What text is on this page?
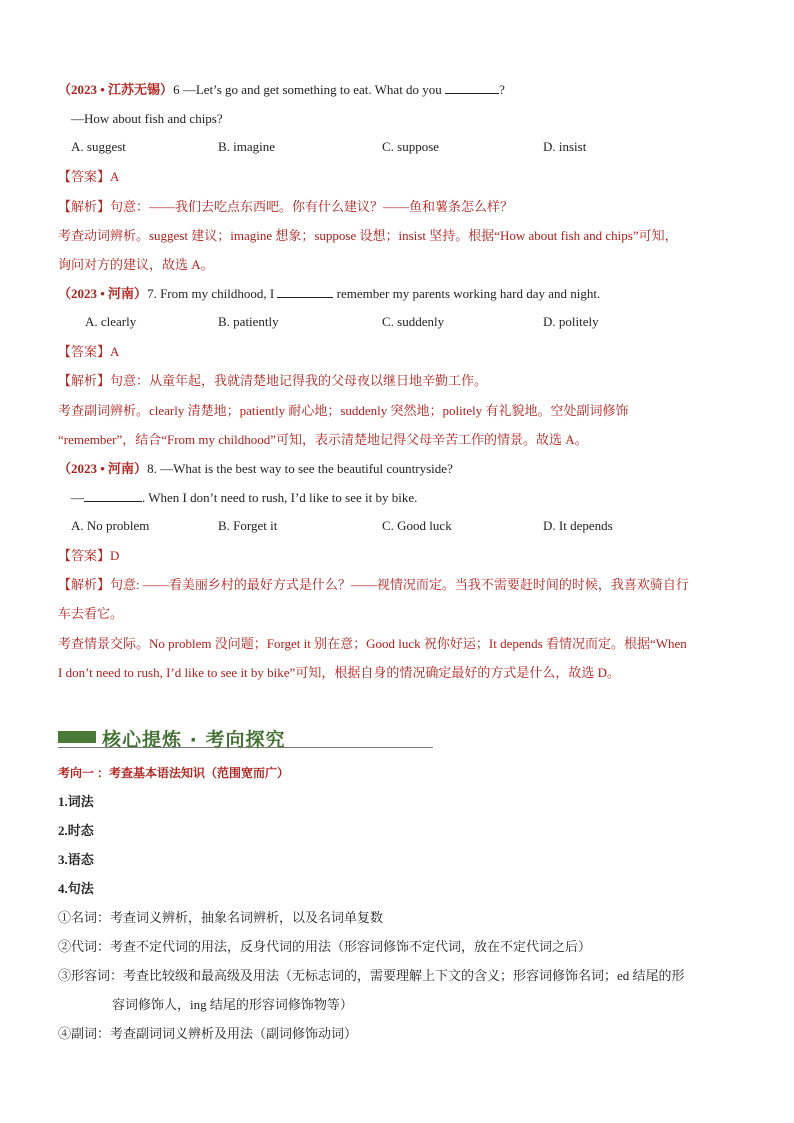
（2023 • 江苏无锡）6 —Let’s go and get something to eat. What do you	?
—How about fish and chips?
A. suggest	B. imagine	C. suppose	D. insist
【答案】A
【解析】句意：——我们去吃点东西吧。你有什么建议？——鱼和薯条怎么样？
考查动词辨析。suggest 建议；imagine 想象；suppose 设想；insist 坚持。根据“How about fish and chips”可知，
询问对方的建议，故选 A。
（2023 • 河南）7. From my childhood, I	remember my parents working hard day and night.
A. clearly	B. patiently	C. suddenly	D. politely
【答案】A
【解析】句意：从童年起，我就清楚地记得我的父母夜以继日地辛勤工作。
考查副词辨析。clearly 清楚地；patiently 耐心地；suddenly 突然地；politely 有礼貌地。空处副词修饰
“remember”，结合“From my childhood”可知，表示清楚地记得父母辛苦工作的情景。故选 A。
（2023 • 河南）8. —What is the best way to see the beautiful countryside?
—	. When I don’t need to rush, I’d like to see it by bike.
A. No problem	B. Forget it	C. Good luck	D. It depends
【答案】D
【解析】句意: ——看美丽乡村的最好方式是什么？——视情况而定。当我不需要赶时间的时候，我喜欢骑自行
车去看它。
考查情景交际。No problem 没问题；Forget it 别在意；Good luck 祝你好运；It depends 看情况而定。根据“When
I don’t need to rush, I’d like to see it by bike”可知，根据自身的情况确定最好的方式是什么，故选 D。
核心提炼 · 考向探究
考向一 ：考查基本语法知识（范围宽而广）
1.词法
2.时态
3.语态
4.句法
①名词：考查词义辨析，抽象名词辨析，以及名词单复数
②代词：考查不定代词的用法，反身代词的用法（形容词修饰不定代词，放在不定代词之后）
③形容词：考查比较级和最高级及用法（无标志词的，需要理解上下文的含义；形容词修饰名词；ed 结尾的形
容词修饰人，ing 结尾的形容词修饰物等）
④副词：考查副词词义辨析及用法（副词修饰动词）
